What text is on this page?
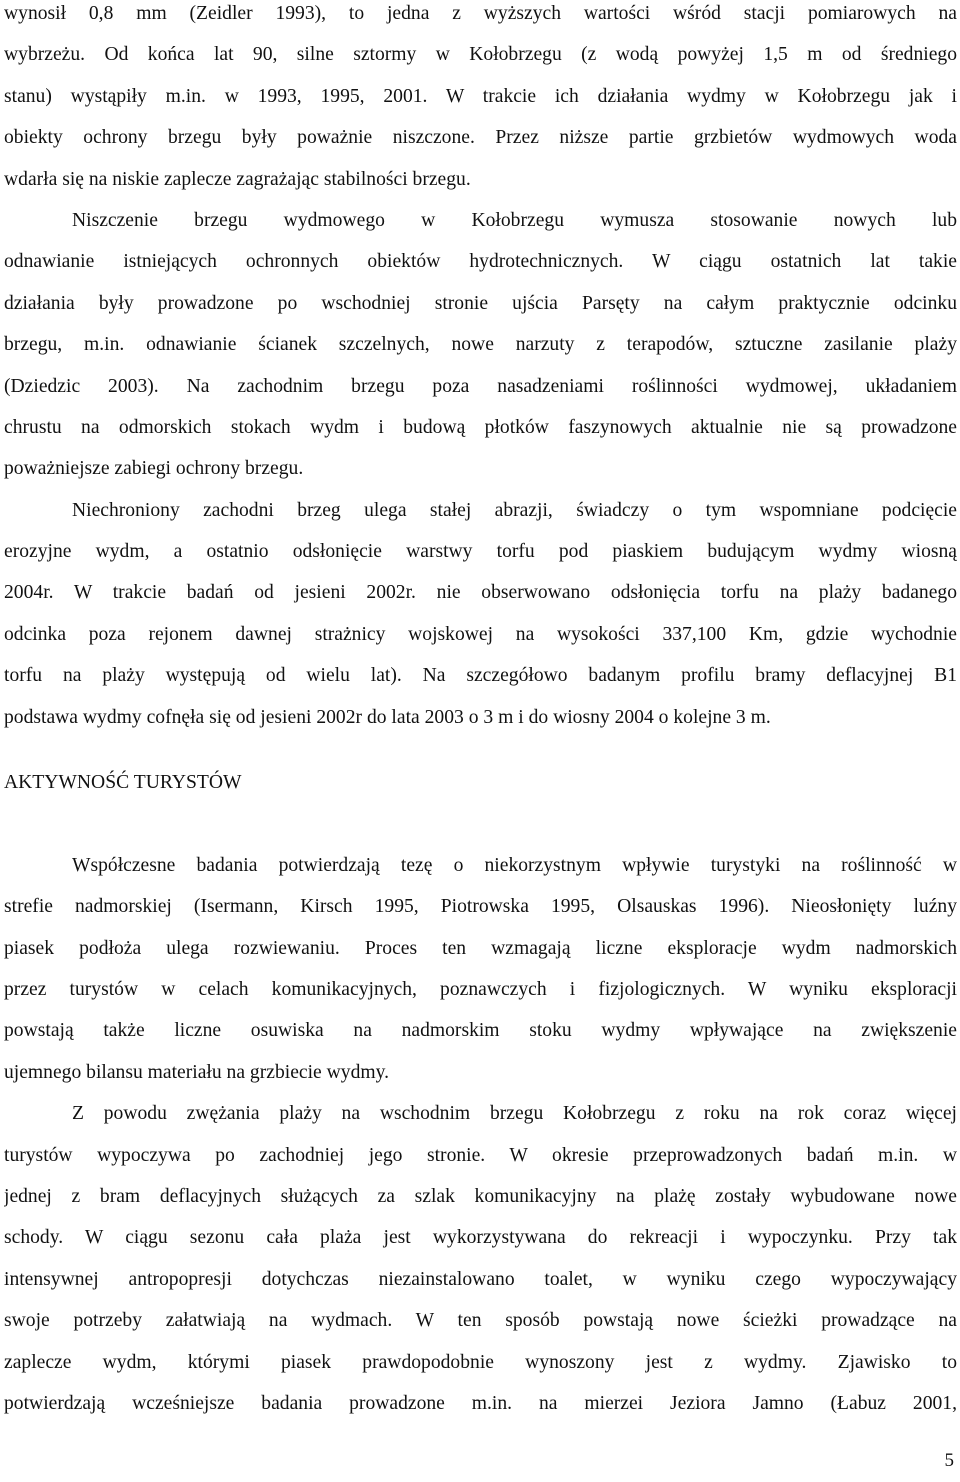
wynosił 0,8 mm (Zeidler 1993), to jedna z wyższych wartości wśród stacji pomiarowych na
wybrzeżu. Od końca lat 90, silne sztormy w Kołobrzegu (z wodą powyżej 1,5 m od średniego
stanu) wystąpiły m.in. w 1993, 1995, 2001. W trakcie ich działania wydmy w Kołobrzegu jak i
obiekty ochrony brzegu były poważnie niszczone. Przez niższe partie grzbietów wydmowych woda
wdarła się na niskie zaplecze zagrażając stabilności brzegu.
Niszczenie brzegu wydmowego w Kołobrzegu wymusza stosowanie nowych lub
odnawianie istniejących ochronnych obiektów hydrotechnicznych. W ciągu ostatnich lat takie
działania były prowadzone po wschodniej stronie ujścia Parsęty na całym praktycznie odcinku
brzegu, m.in. odnawianie ścianek szczelnych, nowe narzuty z terapodów, sztuczne zasilanie plaży
(Dziedzic 2003). Na zachodnim brzegu poza nasadzeniami roślinności wydmowej, układaniem
chrustu na odmorskich stokach wydm i budową płotków faszynowych aktualnie nie są prowadzone
poważniejsze zabiegi ochrony brzegu.
Niechroniony zachodni brzeg ulega stałej abrazji, świadczy o tym wspomniane podcięcie
erozyjne wydm, a ostatnio odsłonięcie warstwy torfu pod piaskiem budującym wydmy wiosną
2004r. W trakcie badań od jesieni 2002r. nie obserwowano odsłonięcia torfu na plaży badanego
odcinka poza rejonem dawnej strażnicy wojskowej na wysokości 337,100 Km, gdzie wychodnie
torfu na plaży występują od wielu lat). Na szczegółowo badanym profilu bramy deflacyjnej B1
podstawa wydmy cofnęła się od jesieni 2002r do lata 2003 o 3 m i do wiosny 2004 o kolejne 3 m.
AKTYWNOŚĆ TURYSTÓW
Współczesne badania potwierdzają tezę o niekorzystnym wpływie turystyki na roślinność w
strefie nadmorskiej (Isermann, Kirsch 1995, Piotrowska 1995, Olsauskas 1996). Nieosłonięty luźny
piasek podłoża ulega rozwiewaniu. Proces ten wzmagają liczne eksploracje wydm nadmorskich
przez turystów w celach komunikacyjnych, poznawczych i fizjologicznych. W wyniku eksploracji
powstają także liczne osuwiska na nadmorskim stoku wydmy wpływające na zwiększenie
ujemnego bilansu materiału na grzbiecie wydmy.
Z powodu zwężania plaży na wschodnim brzegu Kołobrzegu z roku na rok coraz więcej
turystów wypoczywa po zachodniej jego stronie. W okresie przeprowadzonych badań m.in. w
jednej z bram deflacyjnych służących za szlak komunikacyjny na plażę zostały wybudowane nowe
schody. W ciągu sezonu cała plaża jest wykorzystywana do rekreacji i wypoczynku. Przy tak
intensywnej antropopresji dotychczas niezainstalowano toalet, w wyniku czego wypoczywający
swoje potrzeby załatwiają na wydmach. W ten sposób powstają nowe ścieżki prowadzące na
zaplecze wydm, którymi piasek prawdopodobnie wynoszony jest z wydmy. Zjawisko to
potwierdzają wcześniejsze badania prowadzone m.in. na mierzei Jeziora Jamno (Łabuz 2001,
5
